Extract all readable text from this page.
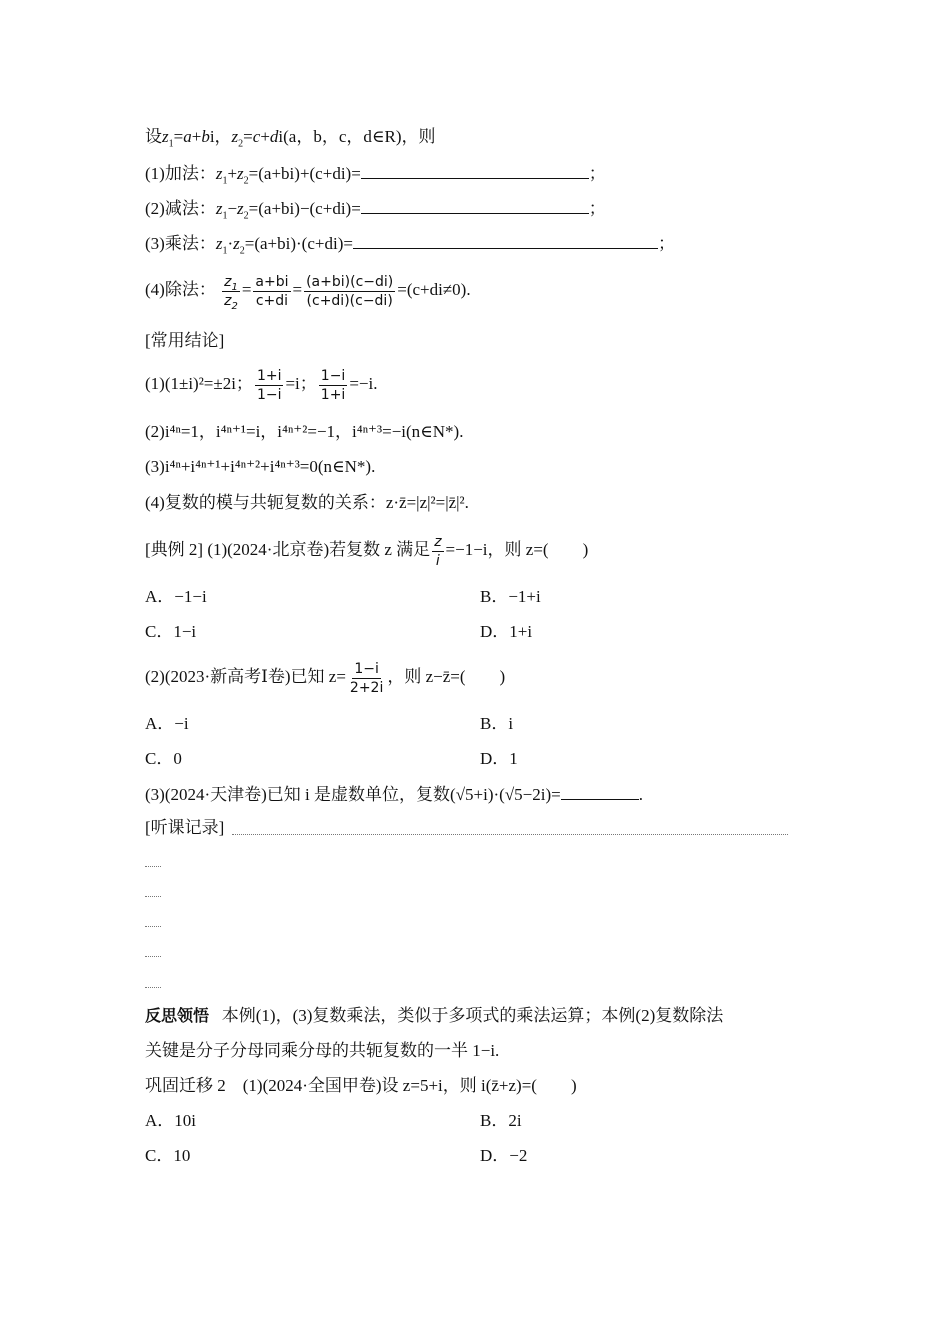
设$z_1=a+bi$，$z_2=c+di(a$，b，c，d∈R)，则
(1)加法：$z_1+z_2=(a+bi)+(c+di)=$	；
(2)减法：$z_1-z_2=(a+bi)-(c+di)=$	；
(3)乘法：$z_1\cdot z_2=(a+bi)\cdot(c+di)=$	；
(4)除法： $\frac{z_1}{z_2} = \frac{a+bi}{c+di} = \frac{(a+bi)(c-di)}{(c+di)(c-di)} =(c+di\ne 0)$.
[常用结论]
(1)(1±i)²=±2i； $\frac{1+i}{1-i} =i$； $\frac{1-i}{1+i} =-i$.
(2)i⁴ⁿ=1，i⁴ⁿ⁺¹=i，i⁴ⁿ⁺²=−1，i⁴ⁿ⁺³=−i(n∈N*).
(3)i⁴ⁿ+i⁴ⁿ⁺¹+i⁴ⁿ⁺²+i⁴ⁿ⁺³=0(n∈N*).
(4)复数的模与共轭复数的关系：z·z̄=|z|²=|z̄|².
[典例 2] (1)(2024·北京卷)若复数 z 满足 $\frac{z}{i} =-1-i$，则 z=(　　)
A．−1−i	B．−1+i
C．1−i	D．1+i
(2)(2023·新高考Ⅰ卷)已知 $z= \frac{1-i}{2+2i}$ ，则 z−z̄=(　　)
A．−i	B．i
C．0	D．1
(3)(2024·天津卷)已知 i 是虚数单位，复数(√5+i)·(√5−2i)=	.
[听课记录]
反思领悟 本例(1)，(3)复数乘法，类似于多项式的乘法运算；本例(2)复数除法
关键是分子分母同乘分母的共轭复数的一半 1−i.
巩固迁移 2　(1)(2024·全国甲卷)设 z=5+i，则 i(z̄+z)=(　　)
A．10i	B．2i
C．10	D．−2
